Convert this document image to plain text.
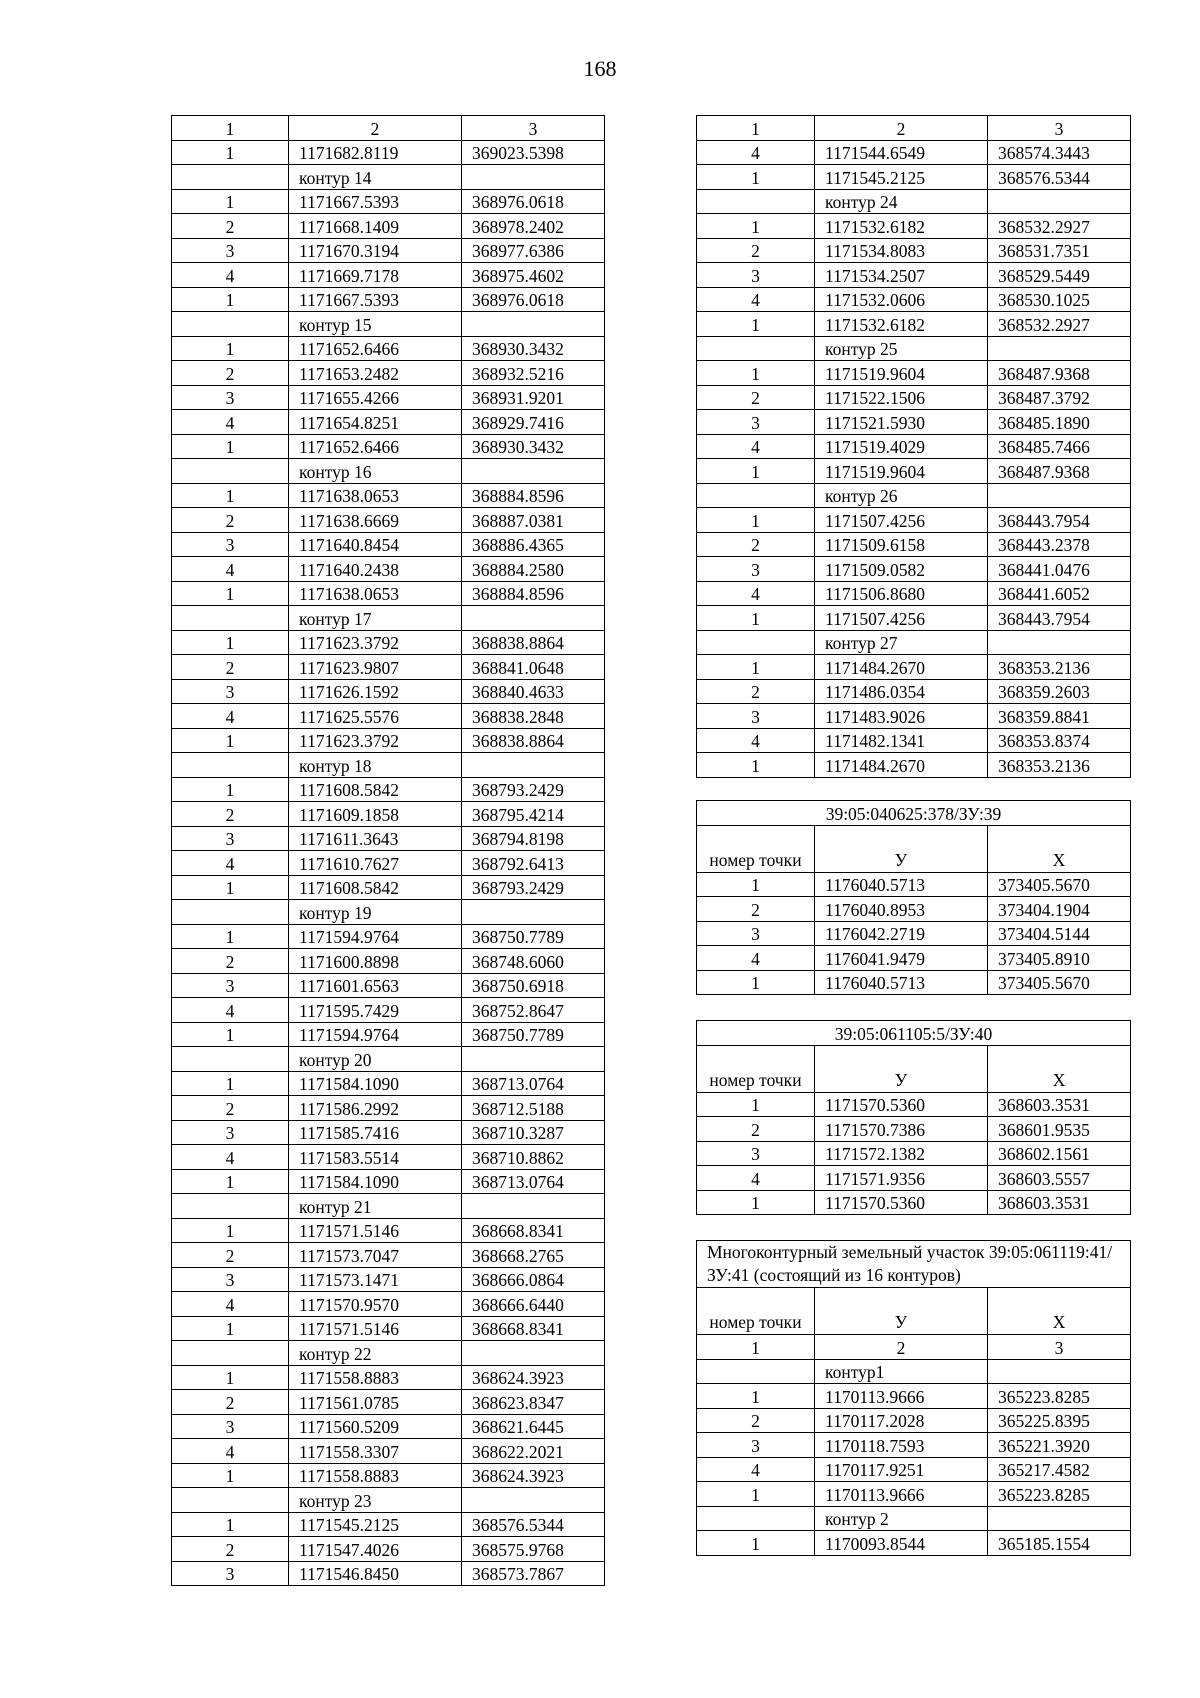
168
1	2	3
1	1171682.8119	369023.5398
	контур 14	
1	1171667.5393	368976.0618
2	1171668.1409	368978.2402
3	1171670.3194	368977.6386
4	1171669.7178	368975.4602
1	1171667.5393	368976.0618
	контур 15	
1	1171652.6466	368930.3432
2	1171653.2482	368932.5216
3	1171655.4266	368931.9201
4	1171654.8251	368929.7416
1	1171652.6466	368930.3432
	контур 16	
1	1171638.0653	368884.8596
2	1171638.6669	368887.0381
3	1171640.8454	368886.4365
4	1171640.2438	368884.2580
1	1171638.0653	368884.8596
	контур 17	
1	1171623.3792	368838.8864
2	1171623.9807	368841.0648
3	1171626.1592	368840.4633
4	1171625.5576	368838.2848
1	1171623.3792	368838.8864
	контур 18	
1	1171608.5842	368793.2429
2	1171609.1858	368795.4214
3	1171611.3643	368794.8198
4	1171610.7627	368792.6413
1	1171608.5842	368793.2429
	контур 19	
1	1171594.9764	368750.7789
2	1171600.8898	368748.6060
3	1171601.6563	368750.6918
4	1171595.7429	368752.8647
1	1171594.9764	368750.7789
	контур 20	
1	1171584.1090	368713.0764
2	1171586.2992	368712.5188
3	1171585.7416	368710.3287
4	1171583.5514	368710.8862
1	1171584.1090	368713.0764
	контур 21	
1	1171571.5146	368668.8341
2	1171573.7047	368668.2765
3	1171573.1471	368666.0864
4	1171570.9570	368666.6440
1	1171571.5146	368668.8341
	контур 22	
1	1171558.8883	368624.3923
2	1171561.0785	368623.8347
3	1171560.5209	368621.6445
4	1171558.3307	368622.2021
1	1171558.8883	368624.3923
	контур 23	
1	1171545.2125	368576.5344
2	1171547.4026	368575.9768
3	1171546.8450	368573.7867
1	2	3
4	1171544.6549	368574.3443
1	1171545.2125	368576.5344
	контур 24	
1	1171532.6182	368532.2927
2	1171534.8083	368531.7351
3	1171534.2507	368529.5449
4	1171532.0606	368530.1025
1	1171532.6182	368532.2927
	контур 25	
1	1171519.9604	368487.9368
2	1171522.1506	368487.3792
3	1171521.5930	368485.1890
4	1171519.4029	368485.7466
1	1171519.9604	368487.9368
	контур 26	
1	1171507.4256	368443.7954
2	1171509.6158	368443.2378
3	1171509.0582	368441.0476
4	1171506.8680	368441.6052
1	1171507.4256	368443.7954
	контур 27	
1	1171484.2670	368353.2136
2	1171486.0354	368359.2603
3	1171483.9026	368359.8841
4	1171482.1341	368353.8374
1	1171484.2670	368353.2136
39:05:040625:378/ЗУ:39		
номер точки	У	Х
1	1176040.5713	373405.5670
2	1176040.8953	373404.1904
3	1176042.2719	373404.5144
4	1176041.9479	373405.8910
1	1176040.5713	373405.5670
39:05:061105:5/ЗУ:40		
номер точки	У	Х
1	1171570.5360	368603.3531
2	1171570.7386	368601.9535
3	1171572.1382	368602.1561
4	1171571.9356	368603.5557
1	1171570.5360	368603.3531
Многоконтурный земельный участок 39:05:061119:41/ЗУ:41 (состоящий из 16 контуров)		
номер точки	У	Х
1	2	3
	контур1	
1	1170113.9666	365223.8285
2	1170117.2028	365225.8395
3	1170118.7593	365221.3920
4	1170117.9251	365217.4582
1	1170113.9666	365223.8285
	контур 2	
1	1170093.8544	365185.1554
